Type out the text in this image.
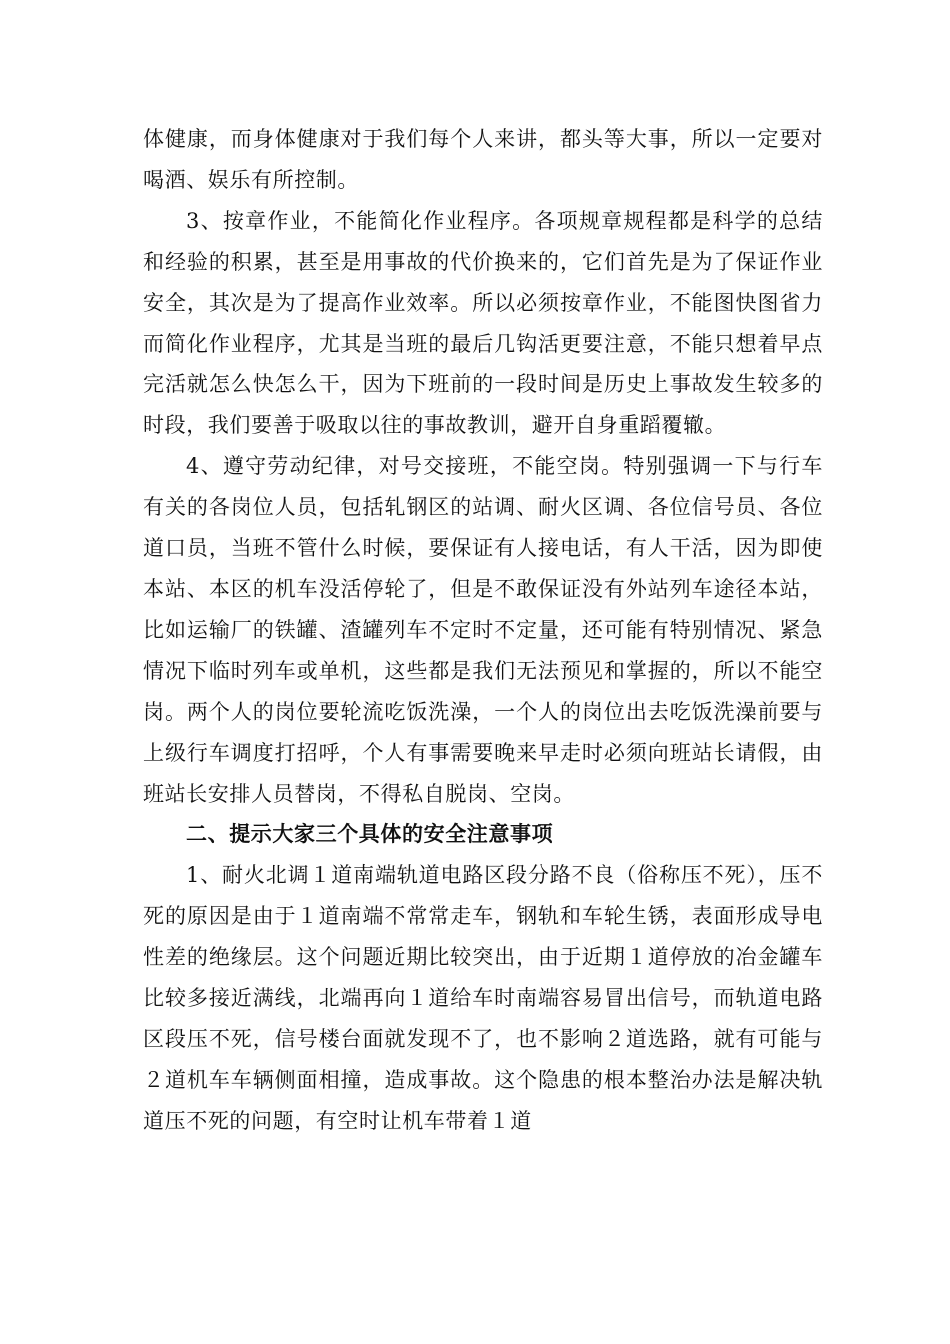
体健康，而身体健康对于我们每个人来讲，都头等大事，所以一定要对喝酒、娱乐有所控制。

3、按章作业，不能简化作业程序。各项规章规程都是科学的总结和经验的积累，甚至是用事故的代价换来的，它们首先是为了保证作业安全，其次是为了提高作业效率。所以必须按章作业，不能图快图省力而简化作业程序，尤其是当班的最后几钩活更要注意，不能只想着早点完活就怎么快怎么干，因为下班前的一段时间是历史上事故发生较多的时段，我们要善于吸取以往的事故教训，避开自身重蹈覆辙。

4、遵守劳动纪律，对号交接班，不能空岗。特别强调一下与行车有关的各岗位人员，包括轧钢区的站调、耐火区调、各位信号员、各位道口员，当班不管什么时候，要保证有人接电话，有人干活，因为即使本站、本区的机车没活停轮了，但是不敢保证没有外站列车途径本站，比如运输厂的铁罐、渣罐列车不定时不定量，还可能有特别情况、紧急情况下临时列车或单机，这些都是我们无法预见和掌握的，所以不能空岗。两个人的岗位要轮流吃饭洗澡，一个人的岗位出去吃饭洗澡前要与上级行车调度打招呼，个人有事需要晚来早走时必须向班站长请假，由班站长安排人员替岗，不得私自脱岗、空岗。

二、提示大家三个具体的安全注意事项

1、耐火北调１道南端轨道电路区段分路不良（俗称压不死），压不死的原因是由于１道南端不常常走车，钢轨和车轮生锈，表面形成导电性差的绝缘层。这个问题近期比较突出，由于近期１道停放的冶金罐车比较多接近满线，北端再向１道给车时南端容易冒出信号，而轨道电路区段压不死，信号楼台面就发现不了，也不影响２道选路，就有可能与２道机车车辆侧面相撞，造成事故。这个隐患的根本整治办法是解决轨道压不死的问题，有空时让机车带着１道
